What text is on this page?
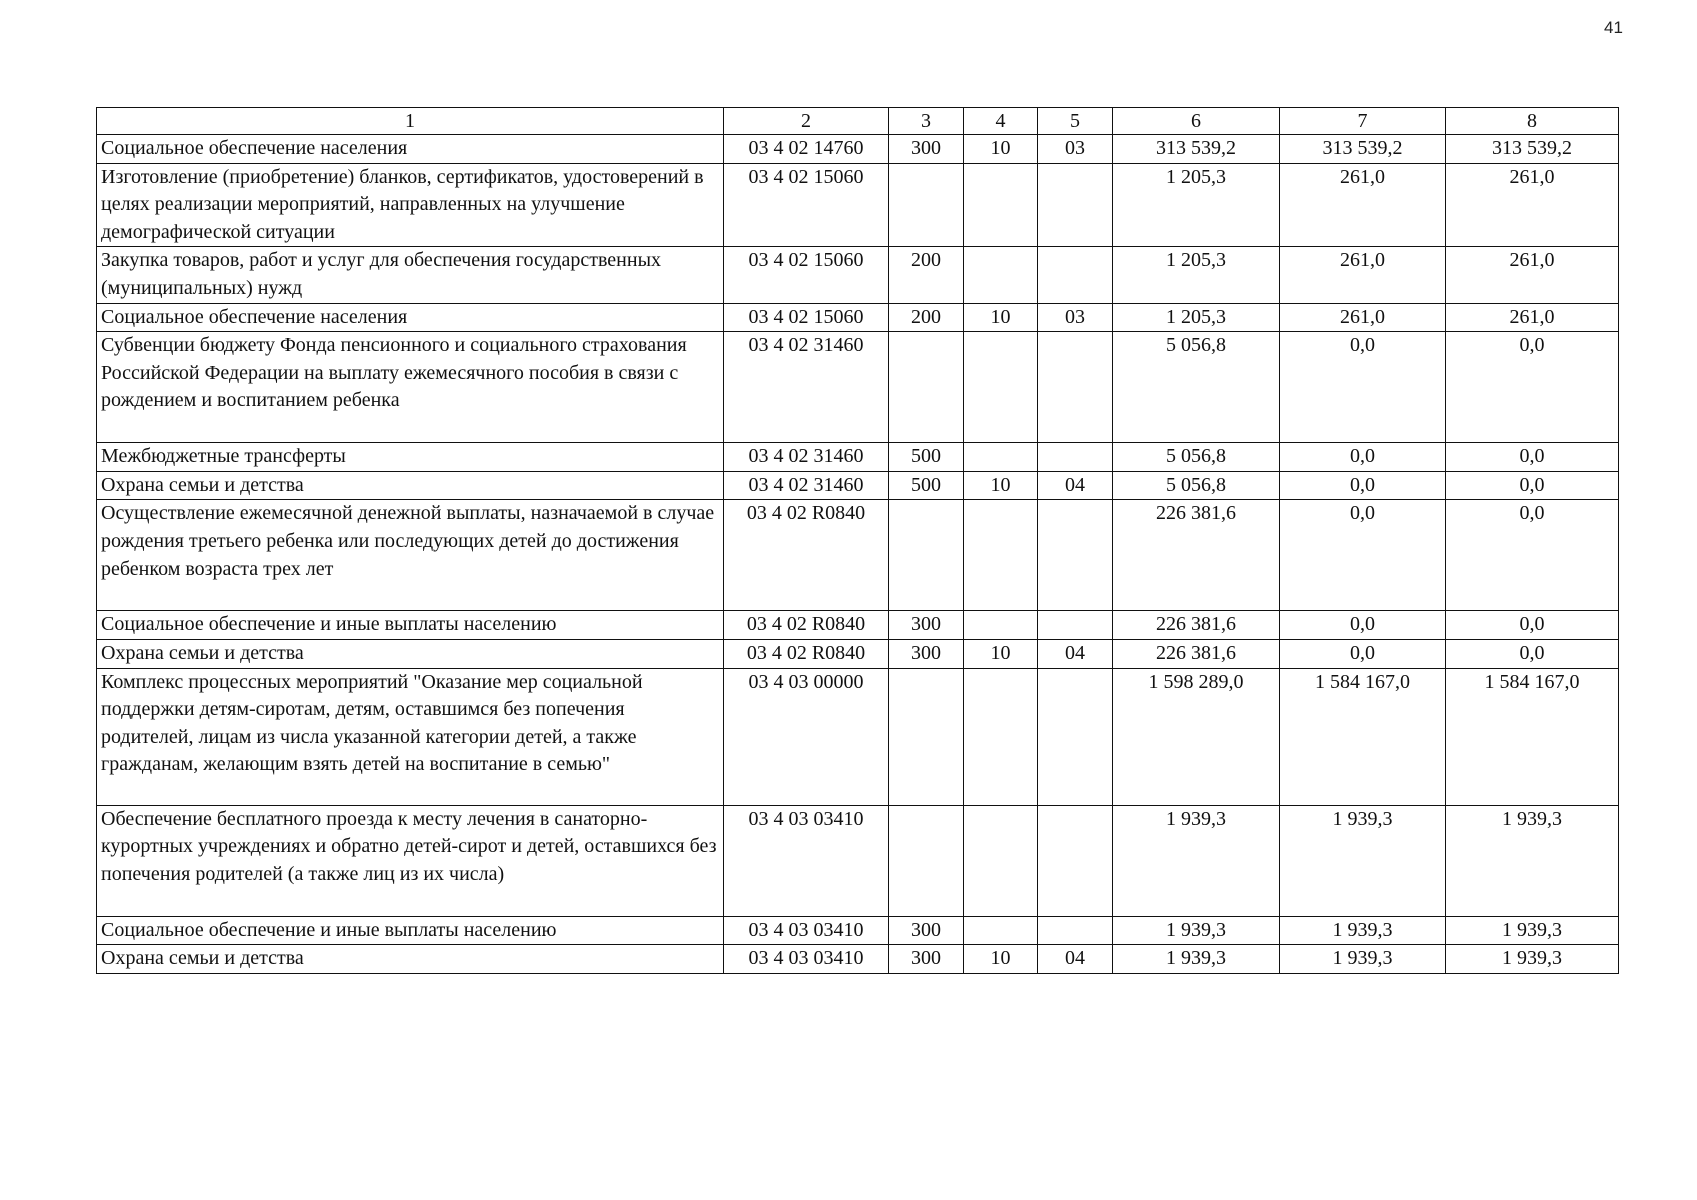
41
1	2	3	4	5	6	7	8
Социальное обеспечение населения	03 4 02 14760	300	10	03	313 539,2	313 539,2	313 539,2
Изготовление (приобретение) бланков, сертификатов, удостоверений в целях реализации мероприятий, направленных на улучшение демографической ситуации	03 4 02 15060				1 205,3	261,0	261,0
Закупка товаров, работ и услуг для обеспечения государственных (муниципальных) нужд	03 4 02 15060	200			1 205,3	261,0	261,0
Социальное обеспечение населения	03 4 02 15060	200	10	03	1 205,3	261,0	261,0
Субвенции бюджету Фонда пенсионного и социального страхования Российской Федерации на выплату ежемесячного пособия в связи с рождением и воспитанием ребенка	03 4 02 31460				5 056,8	0,0	0,0
Межбюджетные трансферты	03 4 02 31460	500			5 056,8	0,0	0,0
Охрана семьи и детства	03 4 02 31460	500	10	04	5 056,8	0,0	0,0
Осуществление ежемесячной денежной выплаты, назначаемой в случае рождения третьего ребенка или последующих детей до достижения ребенком возраста трех лет	03 4 02 R0840				226 381,6	0,0	0,0
Социальное обеспечение и иные выплаты населению	03 4 02 R0840	300			226 381,6	0,0	0,0
Охрана семьи и детства	03 4 02 R0840	300	10	04	226 381,6	0,0	0,0
Комплекс процессных мероприятий "Оказание мер социальной поддержки детям-сиротам, детям, оставшимся без попечения родителей, лицам из числа указанной категории детей, а также гражданам, желающим взять детей на воспитание в семью"	03 4 03 00000				1 598 289,0	1 584 167,0	1 584 167,0
Обеспечение бесплатного проезда к месту лечения в санаторно-курортных учреждениях и обратно детей-сирот и детей, оставшихся без попечения родителей (а также лиц из их числа)	03 4 03 03410				1 939,3	1 939,3	1 939,3
Социальное обеспечение и иные выплаты населению	03 4 03 03410	300			1 939,3	1 939,3	1 939,3
Охрана семьи и детства	03 4 03 03410	300	10	04	1 939,3	1 939,3	1 939,3
